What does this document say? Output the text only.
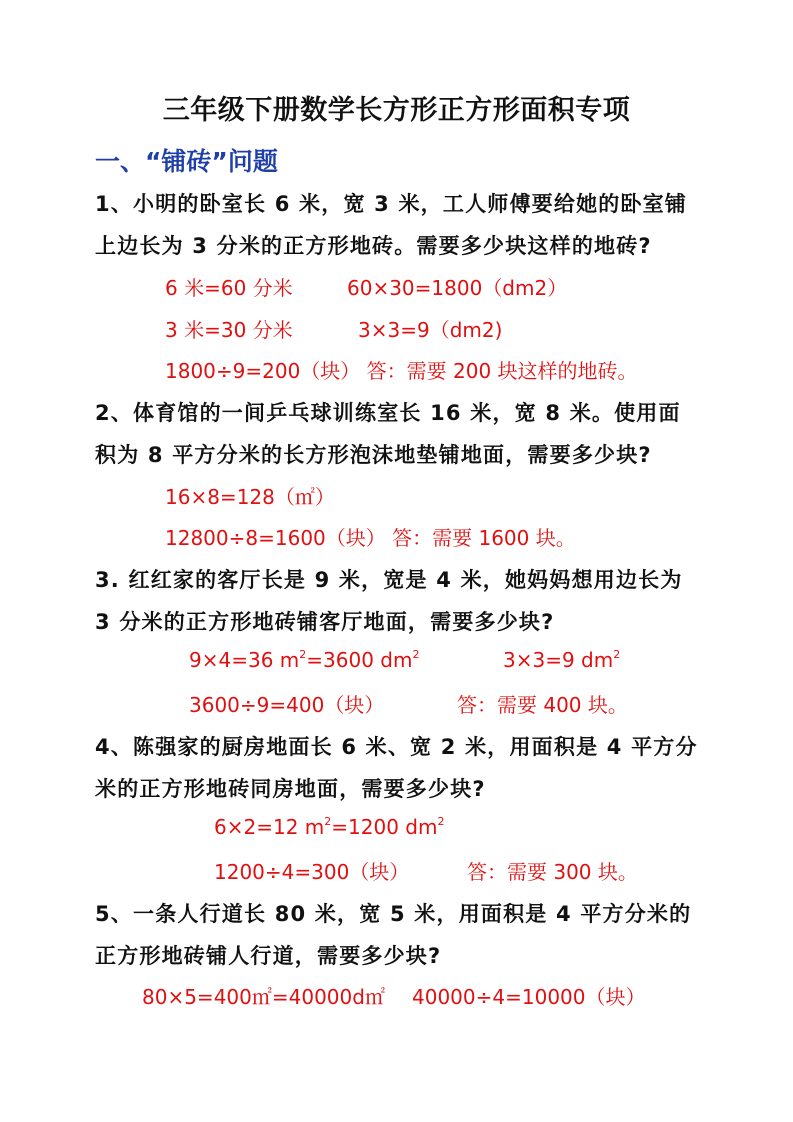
三年级下册数学长方形正方形面积专项
一、“铺砖”问题
1、小明的卧室长 6 米，宽 3 米，工人师傅要给她的卧室铺
上边长为 3 分米的正方形地砖。需要多少块这样的地砖?
6 米=60 分米	60×30=1800（dm2）
3 米=30 分米	3×3=9（dm2)
1800÷9=200（块） 答：需要 200 块这样的地砖。
2、体育馆的一间乒乓球训练室长 16 米，宽 8 米。使用面
积为 8 平方分米的长方形泡沫地垫铺地面，需要多少块?
16×8=128（㎡）
12800÷8=1600（块） 答：需要 1600 块。
3. 红红家的客厅长是 9 米，宽是 4 米，她妈妈想用边长为
3 分米的正方形地砖铺客厅地面，需要多少块?
9×4=36 $m^2=3600$ $dm^2$	3×3=9 $dm^2$
3600÷9=400（块）	答：需要 400 块。
4、陈强家的厨房地面长 6 米、宽 2 米，用面积是 4 平方分
米的正方形地砖同房地面，需要多少块?
6×2=12 $m^2=1200$ $dm^2$
1200÷4=300（块）	答：需要 300 块。
5、一条人行道长 80 米，宽 5 米，用面积是 4 平方分米的
正方形地砖铺人行道，需要多少块?
80×5=400㎡=40000d㎡ 40000÷4=10000（块）
